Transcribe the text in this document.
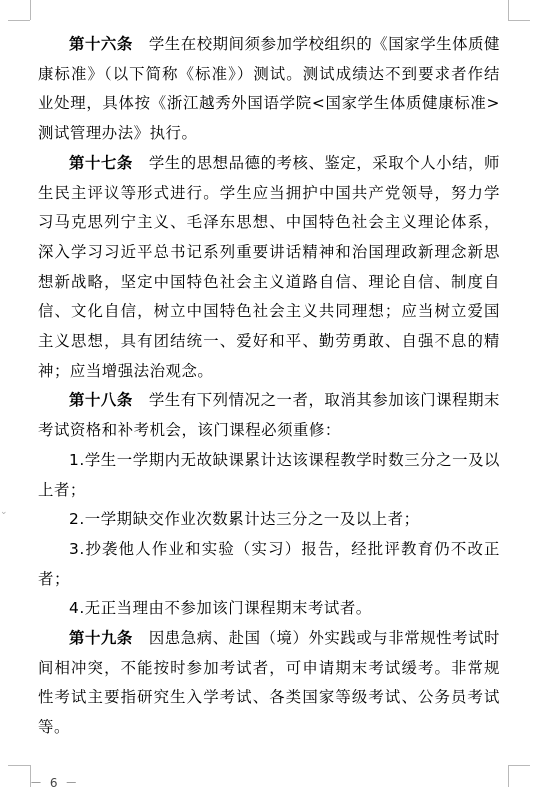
⌄

第十六条　 学生在校期间须参加学校组织的《国家学生体质健康标准》（以下简称《标准》）测试。测试成绩达不到要求者作结业处理，具体按《浙江越秀外国语学院<国家学生体质健康标准>测试管理办法》执行。

第十七条　 学生的思想品德的考核、鉴定，采取个人小结，师生民主评议等形式进行。学生应当拥护中国共产党领导，努力学习马克思列宁主义、毛泽东思想、中国特色社会主义理论体系，深入学习习近平总书记系列重要讲话精神和治国理政新理念新思想新战略，坚定中国特色社会主义道路自信、理论自信、制度自信、文化自信，树立中国特色社会主义共同理想；应当树立爱国主义思想，具有团结统一、爱好和平、勤劳勇敢、自强不息的精神；应当增强法治观念。

第十八条　 学生有下列情况之一者，取消其参加该门课程期末考试资格和补考机会，该门课程必须重修：

1.学生一学期内无故缺课累计达该课程教学时数三分之一及以上者；

2.一学期缺交作业次数累计达三分之一及以上者；

3.抄袭他人作业和实验（实习）报告，经批评教育仍不改正者；

4.无正当理由不参加该门课程期末考试者。

第十九条　 因患急病、赴国（境）外实践或与非常规性考试时间相冲突，不能按时参加考试者，可申请期末考试缓考。非常规性考试主要指研究生入学考试、各类国家等级考试、公务员考试等。

－ 6 －
